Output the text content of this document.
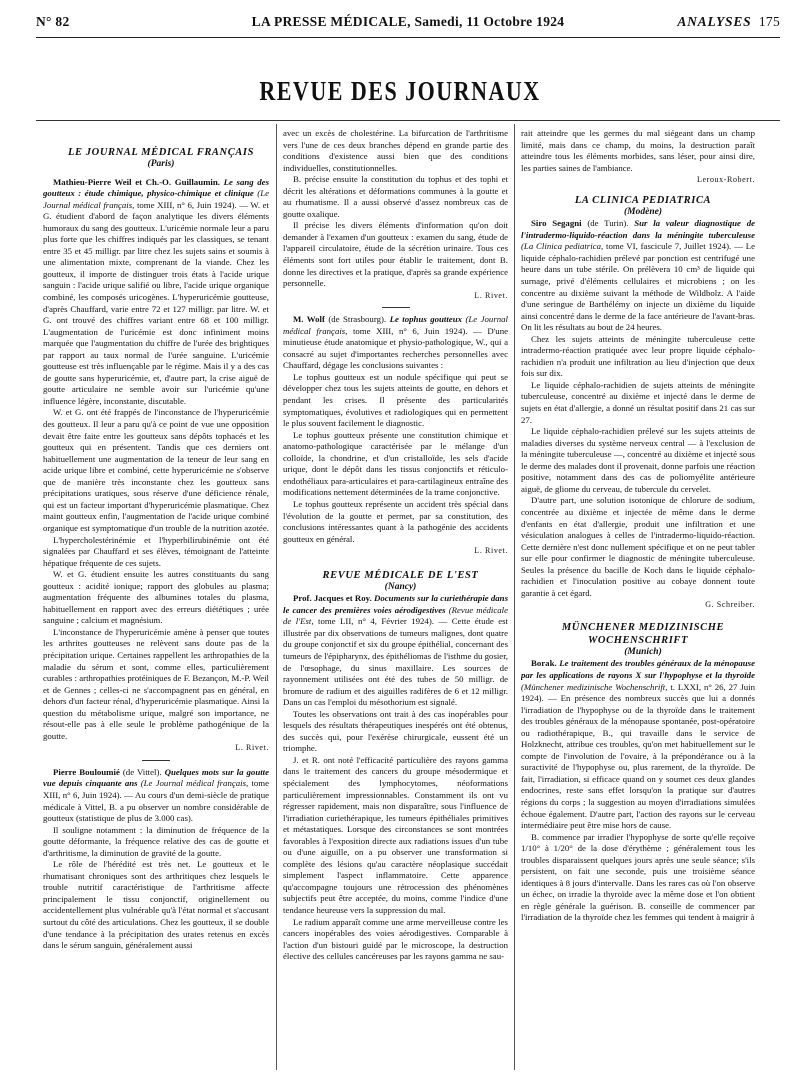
N° 82	LA PRESSE MÉDICALE, Samedi, 11 Octobre 1924	ANALYSES 175
REVUE DES JOURNAUX

LE JOURNAL MÉDICAL FRANÇAIS

(Paris)

Mathieu-Pierre Weil et Ch.-O. Guillaumin. Le sang des goutteux : étude chimique, physico-chimique et clinique (Le Journal médical français, tome XIII, n° 6, Juin 1924). — W. et G. étudient d'abord de façon analytique les divers éléments humoraux du sang des goutteux. L'uricémie normale leur a paru plus forte que les chiffres indiqués par les classiques, se tenant entre 35 et 45 milligr. par litre chez les sujets sains et soumis à une alimentation mixte, comprenant de la viande. Chez les goutteux, il importe de distinguer trois états à l'acide urique sanguin : l'acide urique salifié ou libre, l'acide urique organique combiné, les composés uricogènes. L'hyperuricémie goutteuse, d'après Chauffard, varie entre 72 et 127 milligr. par litre. W. et G. ont trouvé des chiffres variant entre 68 et 100 milligr. L'augmentation de l'uricémie est donc infiniment moins marquée que l'augmentation du chiffre de l'urée des brightiques par rapport au taux normal de l'urée sanguine. L'uricémie goutteuse est très influençable par le régime. Mais il y a des cas de goutte sans hyperuricémie, et, d'autre part, la crise aiguë de goutte articulaire ne semble avoir sur l'uricémie qu'une influence légère, inconstante, discutable.

W. et G. ont été frappés de l'inconstance de l'hyperuricémie des goutteux. Il leur a paru qu'à ce point de vue une opposition devait être faite entre les goutteux sans dépôts tophacés et les goutteux qui en présentent. Tandis que ces derniers ont habituellement une augmentation de la teneur de leur sang en acide urique libre et combiné, cette hyperuricémie ne s'observe que de manière très inconstante chez les goutteux sans précipitations uratiques, sous réserve d'une déficience rénale, qui est un facteur important d'hyperuricémie plasmatique. Chez maint goutteux enfin, l'augmentation de l'acide urique combiné organique est symptomatique d'un trouble de la nutrition azotée.

L'hypercholestérinémie et l'hyperbilirubinémie ont été signalées par Chauffard et ses élèves, témoignant de l'atteinte hépatique fréquente de ces sujets.

W. et G. étudient ensuite les autres constituants du sang goutteux : acidité ionique; rapport des globules au plasma; augmentation fréquente des albumines totales du plasma, habituellement en rapport avec des erreurs diététiques ; urée sanguine ; calcium et magnésium.

L'inconstance de l'hyperuricémie amène à penser que toutes les arthrites goutteuses ne relèvent sans doute pas de la précipitation urique. Certaines rappellent les arthropathies de la maladie du sérum et sont, comme elles, particulièrement curables : arthropathies protéiniques de F. Bezançon, M.-P. Weil et de Gennes ; celles-ci ne s'accompagnent pas en général, en dehors d'un facteur rénal, d'hyperuricémie plasmatique. Ainsi la question du métabolisme urique, malgré son importance, ne résout-elle pas à elle seule le problème pathogénique de la goutte.

L. Rivet.

Pierre Bouloumié (de Vittel). Quelques mots sur la goutte vue depuis cinquante ans (Le Journal médical français, tome XIII, n° 6, Juin 1924). — Au cours d'un demi-siècle de pratique médicale à Vittel, B. a pu observer un nombre considérable de goutteux (statistique de plus de 3.000 cas).

Il souligne notamment : la diminution de fréquence de la goutte déformante, la fréquence relative des cas de goutte et d'arthritisme, la diminution de gravité de la goutte.

Le rôle de l'hérédité est très net. Le goutteux et le rhumatisant chroniques sont des arthritiques chez lesquels le trouble nutritif caractéristique de l'arthritisme affecte principalement le tissu conjonctif, originellement ou accidentellement plus vulnérable qu'à l'état normal et s'accusant surtout du côté des articulations. Chez les goutteux, il se double d'une tendance à la précipitation des urates retenus en excès dans le sérum sanguin, généralement aussi

avec un excès de cholestérine. La bifurcation de l'arthritisme vers l'une de ces deux branches dépend en grande partie des conditions d'existence aussi bien que des conditions individuelles, constitutionnelles.

B. précise ensuite la constitution du tophus et des tophi et décrit les altérations et déformations communes à la goutte et au rhumatisme. Il a aussi observé d'assez nombreux cas de goutte oxalique.

Il précise les divers éléments d'information qu'on doit demander à l'examen d'un goutteux : examen du sang, étude de l'appareil circulatoire, étude de la sécrétion urinaire. Tous ces éléments sont fort utiles pour établir le traitement, dont B. donne les directives et la pratique, d'après sa grande expérience personnelle.

L. Rivet.

M. Wolf (de Strasbourg). Le tophus goutteux (Le Journal médical français, tome XIII, n° 6, Juin 1924). — D'une minutieuse étude anatomique et physio-pathologique, W., qui a consacré au sujet d'importantes recherches personnelles avec Chauffard, dégage les conclusions suivantes :

Le tophus goutteux est un nodule spécifique qui peut se développer chez tous les sujets atteints de goutte, en dehors et pendant les crises. Il présente des particularités symptomatiques, évolutives et radiologiques qui en permettent le plus souvent facilement le diagnostic.

Le tophus goutteux présente une constitution chimique et anatomo-pathologique caractérisée par le mélange d'un colloïde, la chondrine, et d'un cristalloïde, les sels d'acide urique, dont le dépôt dans les tissus conjonctifs et réticulo-endothéliaux para-articulaires et para-cartilagineux entraîne des modifications nettement déterminées de la trame conjonctive.

Le tophus goutteux représente un accident très spécial dans l'évolution de la goutte et permet, par sa constitution, des conclusions intéressantes quant à la pathogénie des accidents goutteux en général.

L. Rivet.

REVUE MÉDICALE DE L'EST

(Nancy)

Prof. Jacques et Roy. Documents sur la curiethérapie dans le cancer des premières voies aérodigestives (Revue médicale de l'Est, tome LII, n° 4, Février 1924). — Cette étude est illustrée par dix observations de tumeurs malignes, dont quatre du groupe conjonctif et six du groupe épithélial, concernant des tumeurs de l'épipharynx, des épithéliomas de l'isthme du gosier, de l'œsophage, du sinus maxillaire. Les sources de rayonnement utilisées ont été des tubes de 50 milligr. de bromure de radium et des aiguilles radifères de 6 et 12 milligr. Dans un cas l'emploi du mésothorium est signalé.

Toutes les observations ont trait à des cas inopérables pour lesquels des résultats thérapeutiques inespérés ont été obtenus, des succès qui, pour l'exérèse chirurgicale, eussent été un triomphe.

J. et R. ont noté l'efficacité particulière des rayons gamma dans le traitement des cancers du groupe mésodermique et spécialement des lymphocytomes, néoformations particulièrement impressionnables. Constamment ils ont vu régresser rapidement, mais non disparaître, sous l'influence de l'irradiation curiethérapique, les tumeurs épithéliales primitives et métastatiques. Lorsque des circonstances se sont montrées favorables à l'exposition directe aux radiations issues d'un tube ou d'une aiguille, on a pu observer une transformation si complète des lésions qu'au caractère néoplasique succédait simplement l'aspect inflammatoire. Cette apparence qu'accompagne toujours une rétrocession des phénomènes subjectifs peut être acceptée, du moins, comme l'indice d'une tendance heureuse vers la suppression du mal.

Le radium apparaît comme une arme merveilleuse contre les cancers inopérables des voies aérodigestives. Comparable à l'action d'un bistouri guidé par le microscope, la destruction élective des cellules cancéreuses par les rayons gamma ne sau-

rait atteindre que les germes du mal siégeant dans un champ limité, mais dans ce champ, du moins, la destruction paraît atteindre tous les éléments morbides, sans léser, pour ainsi dire, les parties saines de l'ambiance.

Leroux-Robert.

LA CLINICA PEDIATRICA

(Modène)

Siro Segagni (de Turin). Sur la valeur diagnostique de l'intradermo-liquido-réaction dans la méningite tuberculeuse (La Clinica pediatrica, tome VI, fascicule 7, Juillet 1924). — Le liquide céphalo-rachidien prélevé par ponction est centrifugé une heure dans un tube stérile. On prélèvera 10 cm³ de liquide qui surnage, privé d'éléments cellulaires et microbiens ; on les concentre au dixième suivant la méthode de Wildbolz. A l'aide d'une seringue de Barthélémy on injecte un dixième du liquide ainsi concentré dans le derme de la face antérieure de l'avant-bras. On lit les résultats au bout de 24 heures.

Chez les sujets atteints de méningite tuberculeuse cette intradermo-réaction pratiquée avec leur propre liquide céphalo-rachidien n'a produit une infiltration au lieu d'injection que deux fois sur dix.

Le liquide céphalo-rachidien de sujets atteints de méningite tuberculeuse, concentré au dixième et injecté dans le derme de sujets en état d'allergie, a donné un résultat positif dans 21 cas sur 27.

Le liquide céphalo-rachidien prélevé sur les sujets atteints de maladies diverses du système nerveux central — à l'exclusion de la méningite tuberculeuse —, concentré au dixième et injecté sous le derme des malades dont il provenait, donne parfois une réaction positive, notamment dans des cas de poliomyélite antérieure aiguë, de gliome du cerveau, de tubercule du cervelet.

D'autre part, une solution isotonique de chlorure de sodium, concentrée au dixième et injectée de même dans le derme d'enfants en état d'allergie, produit une infiltration et une vésiculation analogues à celles de l'intradermo-liquido-réaction. Cette dernière n'est donc nullement spécifique et on ne peut tabler sur elle pour confirmer le diagnostic de méningite tuberculeuse. Seules la présence du bacille de Koch dans le liquide céphalo-rachidien et l'inoculation positive au cobaye donnent toute garantie à cet égard.

G. Schreiber.

MÜNCHENER MEDIZINISCHE WOCHENSCHRIFT

(Munich)

Borak. Le traitement des troubles généraux de la ménopause par les applications de rayons X sur l'hypophyse et la thyroïde (Münchener medizinische Wochenschrift, t. LXXI, n° 26, 27 Juin 1924). — En présence des nombreux succès que lui a donnés l'irradiation de l'hypophyse ou de la thyroïde dans le traitement des troubles généraux de la ménopause spontanée, post-opératoire ou radiothérapique, B., qui travaille dans le service de Holzknecht, attribue ces troubles, qu'on met habituellement sur le compte de l'involution de l'ovaire, à la prépondérance ou à la suractivité de l'hypophyse ou, plus rarement, de la thyroïde. De fait, l'irradiation, si efficace quand on y soumet ces deux glandes endocrines, reste sans effet lorsqu'on la pratique sur d'autres régions du corps ; la suggestion au moyen d'irradiations simulées échoue également. D'autre part, l'action des rayons sur le cerveau intermédiaire peut être mise hors de cause.

B. commence par irradier l'hypophyse de sorte qu'elle reçoive 1/10° à 1/20° de la dose d'érythème ; généralement tous les troubles disparaissent quelques jours après une seule séance; s'ils persistent, on fait une seconde, puis une troisième séance identiques à 8 jours d'intervalle. Dans les rares cas où l'on observe un échec, on irradie la thyroïde avec la même dose et l'on obtient en règle générale la guérison. B. conseille de commencer par l'irradiation de la thyroïde chez les femmes qui tendent à maigrir à
